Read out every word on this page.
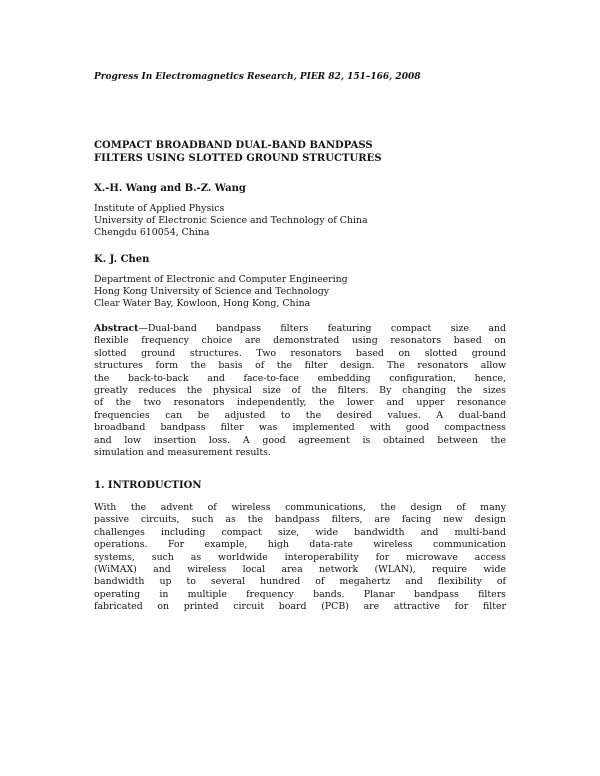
Progress In Electromagnetics Research, PIER 82, 151–166, 2008
COMPACT BROADBAND DUAL-BAND BANDPASS
FILTERS USING SLOTTED GROUND STRUCTURES
X.-H. Wang and B.-Z. Wang
Institute of Applied Physics
University of Electronic Science and Technology of China
Chengdu 610054, China
K. J. Chen
Department of Electronic and Computer Engineering
Hong Kong University of Science and Technology
Clear Water Bay, Kowloon, Hong Kong, China
Abstract—Dual-band bandpass filters featuring compact size and
flexible frequency choice are demonstrated using resonators based on
slotted ground structures. Two resonators based on slotted ground
structures form the basis of the filter design. The resonators allow
the back-to-back and face-to-face embedding configuration, hence,
greatly reduces the physical size of the filters. By changing the sizes
of the two resonators independently, the lower and upper resonance
frequencies can be adjusted to the desired values. A dual-band
broadband bandpass filter was implemented with good compactness
and low insertion loss. A good agreement is obtained between the
simulation and measurement results.
1. INTRODUCTION
With the advent of wireless communications, the design of many
passive circuits, such as the bandpass filters, are facing new design
challenges including compact size, wide bandwidth and multi-band
operations. For example, high data-rate wireless communication
systems, such as worldwide interoperability for microwave access
(WiMAX) and wireless local area network (WLAN), require wide
bandwidth up to several hundred of megahertz and flexibility of
operating in multiple frequency bands. Planar bandpass filters
fabricated on printed circuit board (PCB) are attractive for filter
